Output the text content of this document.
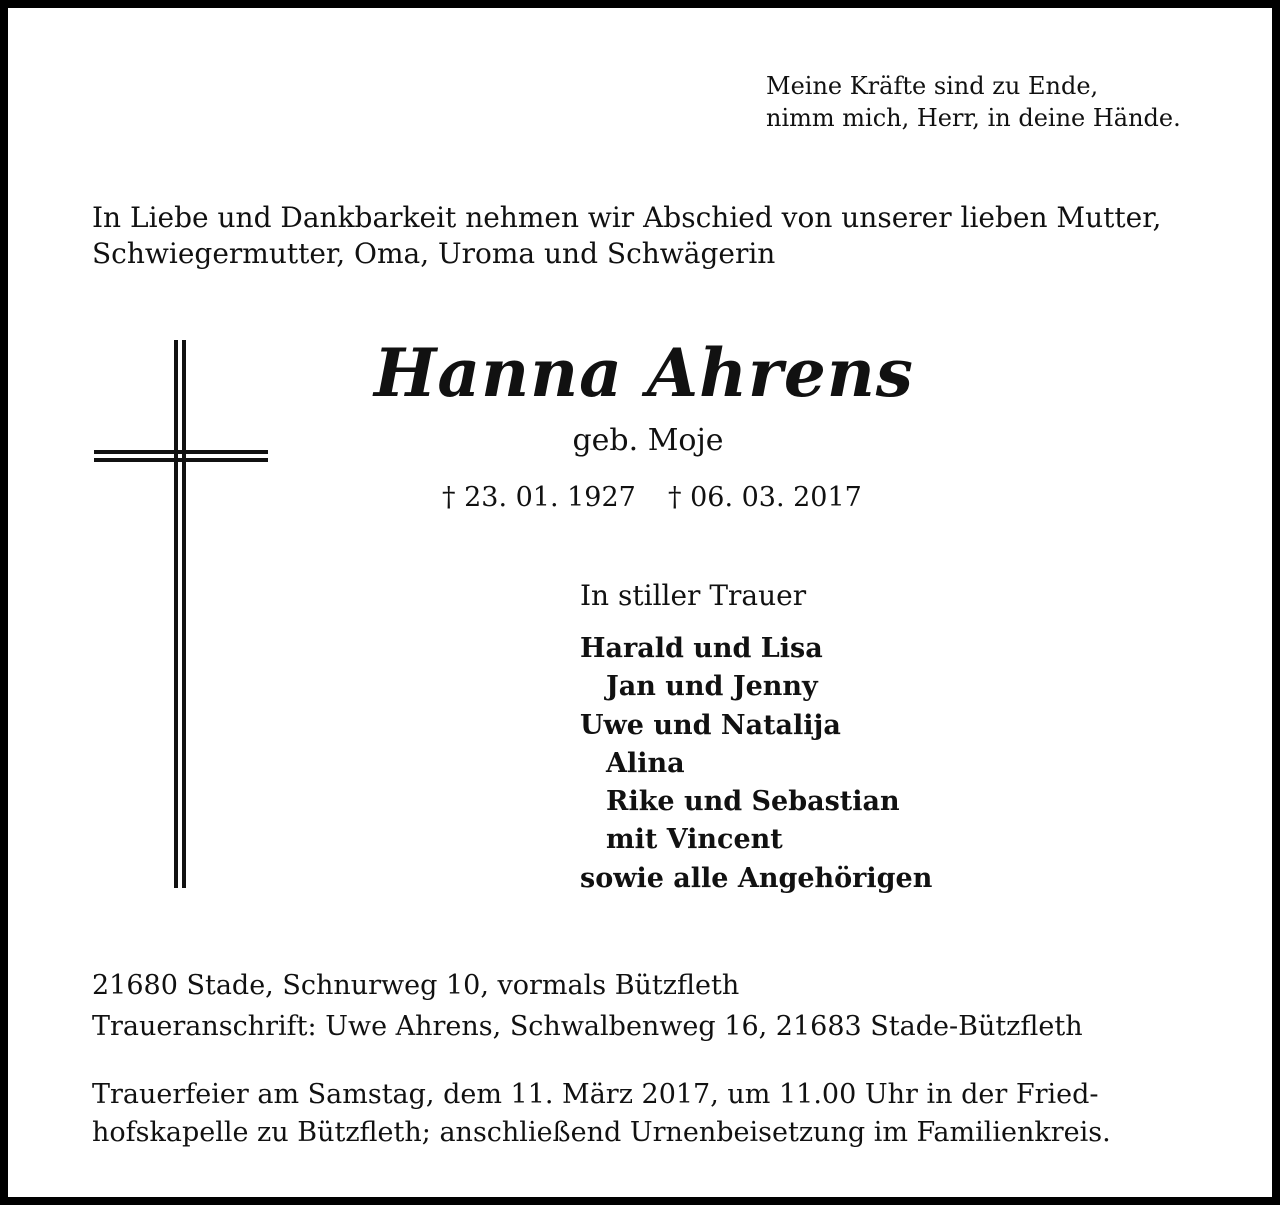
Meine Kräfte sind zu Ende,
nimm mich, Herr, in deine Hände.
In Liebe und Dankbarkeit nehmen wir Abschied von unserer lieben Mutter,
Schwiegermutter, Oma, Uroma und Schwägerin
Hanna Ahrens
geb. Moje
† 23. 01. 1927 † 06. 03. 2017
In stiller Trauer
Harald und Lisa
Jan und Jenny
Uwe und Natalija
Alina
Rike und Sebastian
mit Vincent
sowie alle Angehörigen
21680 Stade, Schnurweg 10, vormals Bützfleth
Traueranschrift: Uwe Ahrens, Schwalbenweg 16, 21683 Stade-Bützfleth
Trauerfeier am Samstag, dem 11. März 2017, um 11.00 Uhr in der Fried-
hofskapelle zu Bützfleth; anschließend Urnenbeisetzung im Familienkreis.
